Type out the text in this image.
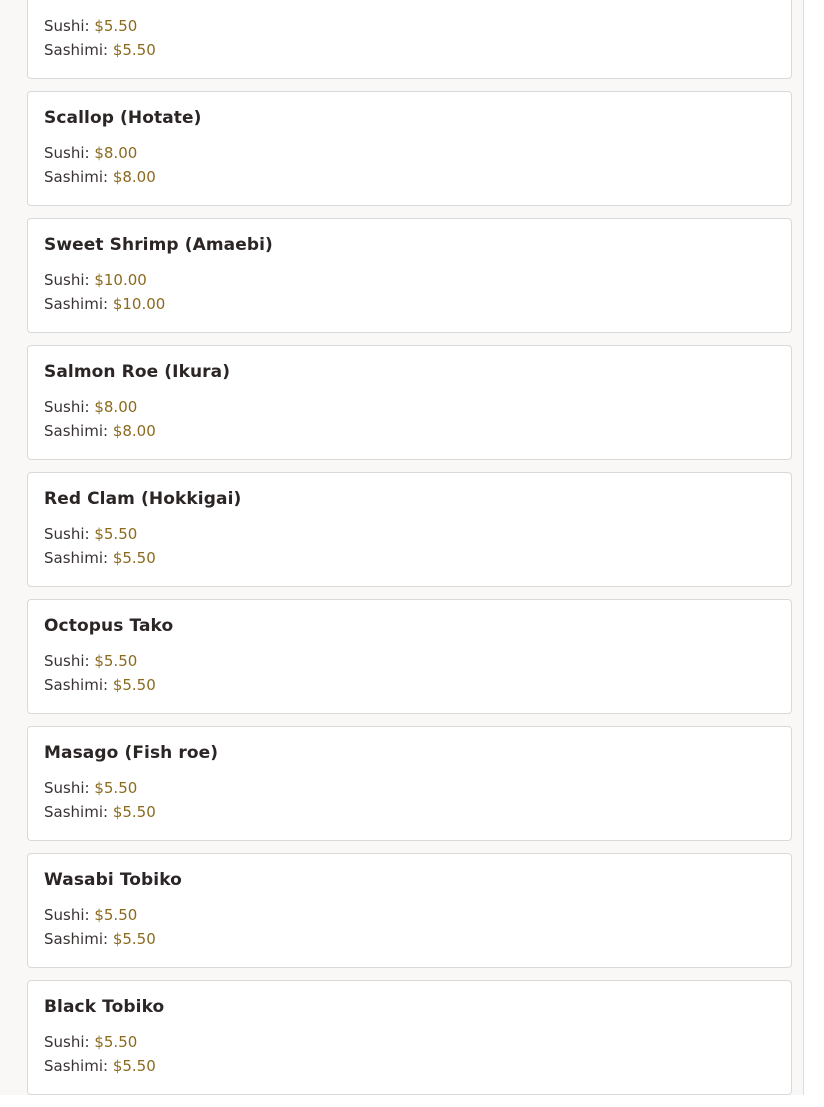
Sushi: $5.50
Sashimi: $5.50
Scallop (Hotate)
Sushi: $8.00
Sashimi: $8.00
Sweet Shrimp (Amaebi)
Sushi: $10.00
Sashimi: $10.00
Salmon Roe (Ikura)
Sushi: $8.00
Sashimi: $8.00
Red Clam (Hokkigai)
Sushi: $5.50
Sashimi: $5.50
Octopus Tako
Sushi: $5.50
Sashimi: $5.50
Masago (Fish roe)
Sushi: $5.50
Sashimi: $5.50
Wasabi Tobiko
Sushi: $5.50
Sashimi: $5.50
Black Tobiko
Sushi: $5.50
Sashimi: $5.50
